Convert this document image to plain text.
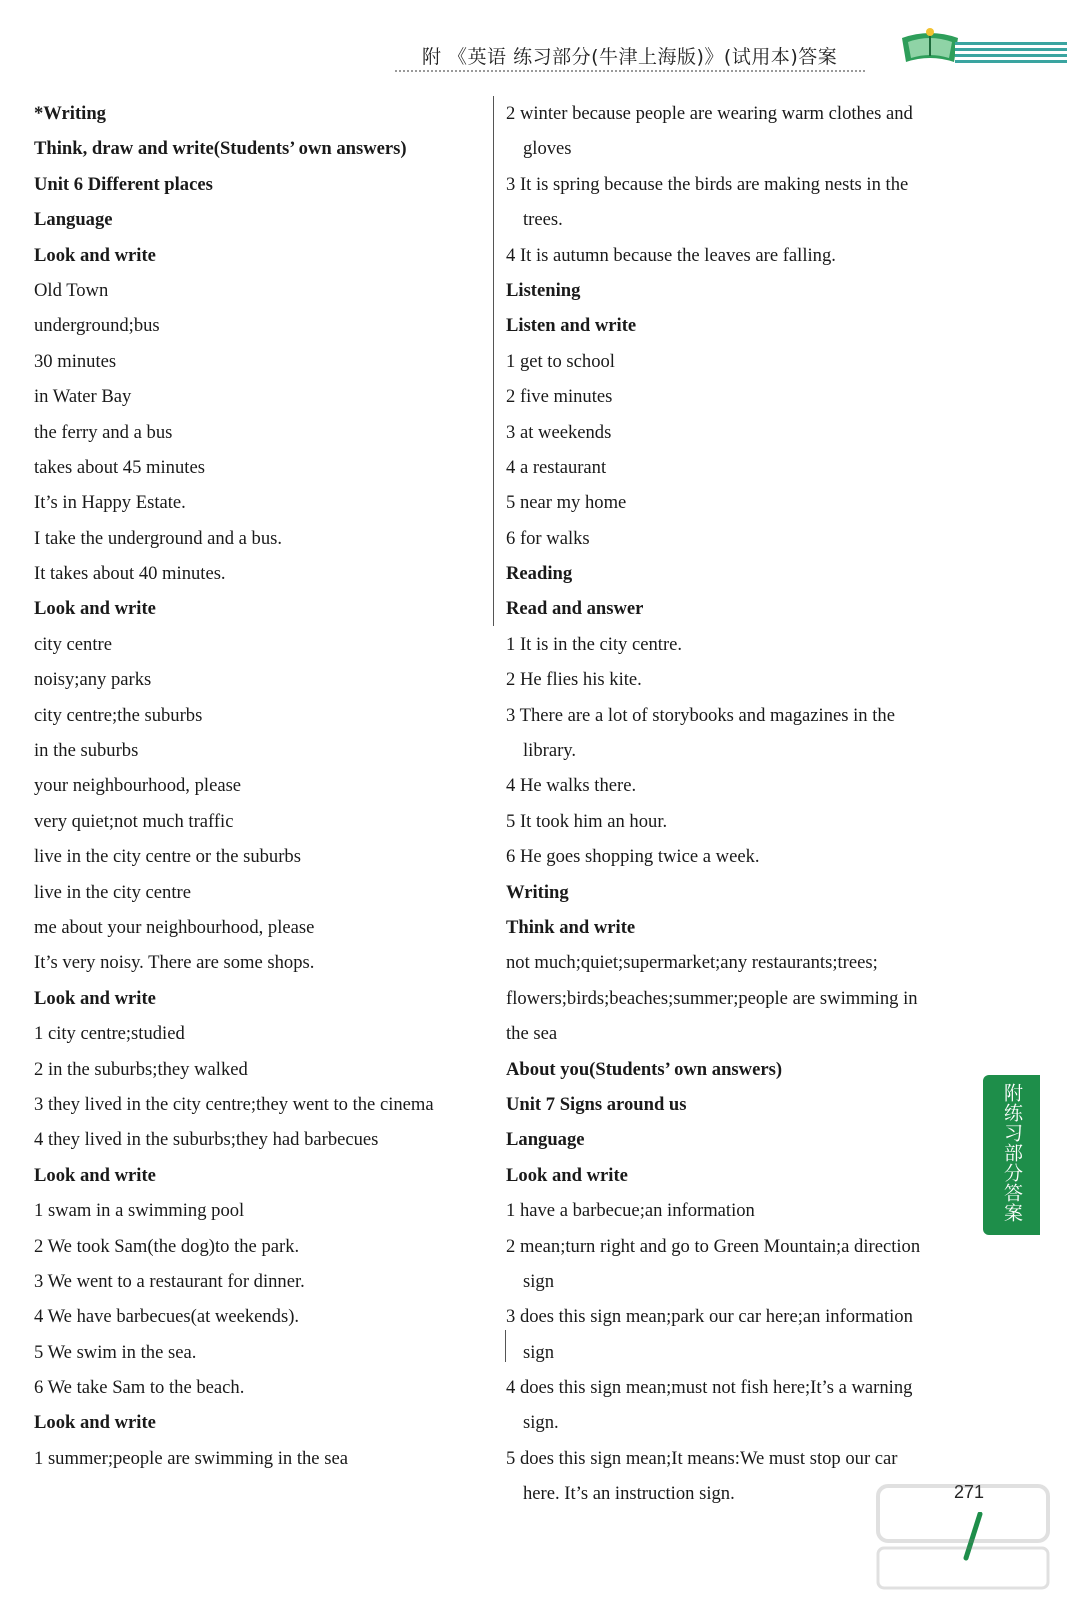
附 《英语 练习部分(牛津上海版)》(试用本)答案
*Writing
Think, draw and write(Students’ own answers)
Unit 6 Different places
Language
Look and write
Old Town
underground;bus
30 minutes
in Water Bay
the ferry and a bus
takes about 45 minutes
It’s in Happy Estate.
I take the underground and a bus.
It takes about 40 minutes.
Look and write
city centre
noisy;any parks
city centre;the suburbs
in the suburbs
your neighbourhood, please
very quiet;not much traffic
live in the city centre or the suburbs
live in the city centre
me about your neighbourhood, please
It’s very noisy. There are some shops.
Look and write
1 city centre;studied
2 in the suburbs;they walked
3 they lived in the city centre;they went to the cinema
4 they lived in the suburbs;they had barbecues
Look and write
1 swam in a swimming pool
2 We took Sam(the dog)to the park.
3 We went to a restaurant for dinner.
4 We have barbecues(at weekends).
5 We swim in the sea.
6 We take Sam to the beach.
Look and write
1 summer;people are swimming in the sea
2 winter because people are wearing warm clothes and
gloves
3 It is spring because the birds are making nests in the
trees.
4 It is autumn because the leaves are falling.
Listening
Listen and write
1 get to school
2 five minutes
3 at weekends
4 a restaurant
5 near my home
6 for walks
Reading
Read and answer
1 It is in the city centre.
2 He flies his kite.
3 There are a lot of storybooks and magazines in the
library.
4 He walks there.
5 It took him an hour.
6 He goes shopping twice a week.
Writing
Think and write
not much;quiet;supermarket;any restaurants;trees;
flowers;birds;beaches;summer;people are swimming in
the sea
About you(Students’ own answers)
Unit 7 Signs around us
Language
Look and write
1 have a barbecue;an information
2 mean;turn right and go to Green Mountain;a direction
sign
3 does this sign mean;park our car here;an information
sign
4 does this sign mean;must not fish here;It’s a warning
sign.
5 does this sign mean;It means:We must stop our car
here. It’s an instruction sign.
附练习部分答案
271
